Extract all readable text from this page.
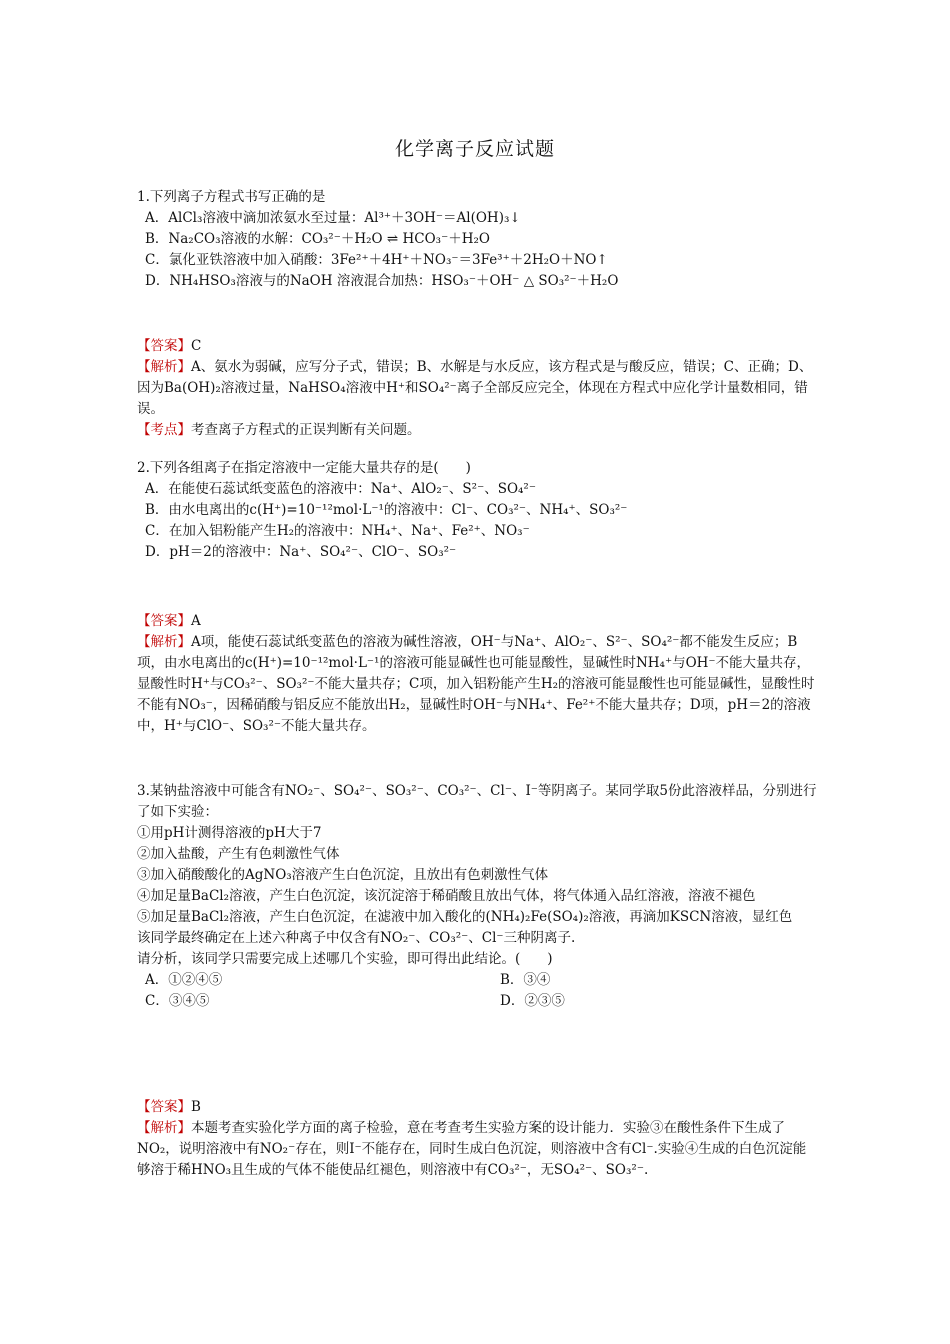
化学离子反应试题

1.下列离子方程式书写正确的是

A．AlCl₃溶液中滴加浓氨水至过量：Al³⁺＋3OH⁻＝Al(OH)₃↓

B．Na₂CO₃溶液的水解：CO₃²⁻＋H₂O ⇌ HCO₃⁻＋H₂O

C．氯化亚铁溶液中加入硝酸：3Fe²⁺＋4H⁺＋NO₃⁻＝3Fe³⁺＋2H₂O＋NO↑

D．NH₄HSO₃溶液与的NaOH 溶液混合加热：HSO₃⁻＋OH⁻ △ SO₃²⁻＋H₂O

【答案】C

【解析】A、氨水为弱碱，应写分子式，错误；B、水解是与水反应，该方程式是与酸反应，错误；C、正确；D、因为Ba(OH)₂溶液过量，NaHSO₄溶液中H⁺和SO₄²⁻离子全部反应完全，体现在方程式中应化学计量数相同，错误。

【考点】考查离子方程式的正误判断有关问题。

2.下列各组离子在指定溶液中一定能大量共存的是(　　)

A．在能使石蕊试纸变蓝色的溶液中：Na⁺、AlO₂⁻、S²⁻、SO₄²⁻

B．由水电离出的c(H⁺)=10⁻¹²mol·L⁻¹的溶液中：Cl⁻、CO₃²⁻、NH₄⁺、SO₃²⁻

C．在加入铝粉能产生H₂的溶液中：NH₄⁺、Na⁺、Fe²⁺、NO₃⁻

D．pH＝2的溶液中：Na⁺、SO₄²⁻、ClO⁻、SO₃²⁻

【答案】A

【解析】A项，能使石蕊试纸变蓝色的溶液为碱性溶液，OH⁻与Na⁺、AlO₂⁻、S²⁻、SO₄²⁻都不能发生反应；B项，由水电离出的c(H⁺)=10⁻¹²mol·L⁻¹的溶液可能显碱性也可能显酸性，显碱性时NH₄⁺与OH⁻不能大量共存，显酸性时H⁺与CO₃²⁻、SO₃²⁻不能大量共存；C项，加入铝粉能产生H₂的溶液可能显酸性也可能显碱性，显酸性时不能有NO₃⁻，因稀硝酸与铝反应不能放出H₂，显碱性时OH⁻与NH₄⁺、Fe²⁺不能大量共存；D项，pH＝2的溶液中，H⁺与ClO⁻、SO₃²⁻不能大量共存。

3.某钠盐溶液中可能含有NO₂⁻、SO₄²⁻、SO₃²⁻、CO₃²⁻、Cl⁻、I⁻等阴离子。某同学取5份此溶液样品，分别进行了如下实验：

①用pH计测得溶液的pH大于7

②加入盐酸，产生有色刺激性气体

③加入硝酸酸化的AgNO₃溶液产生白色沉淀，且放出有色刺激性气体

④加足量BaCl₂溶液，产生白色沉淀，该沉淀溶于稀硝酸且放出气体，将气体通入品红溶液，溶液不褪色

⑤加足量BaCl₂溶液，产生白色沉淀，在滤液中加入酸化的(NH₄)₂Fe(SO₄)₂溶液，再滴加KSCN溶液，显红色

该同学最终确定在上述六种离子中仅含有NO₂⁻、CO₃²⁻、Cl⁻三种阴离子.

请分析，该同学只需要完成上述哪几个实验，即可得出此结论。(　　)

A．①②④⑤	B．③④
C．③④⑤	D．②③⑤

【答案】B

【解析】本题考查实验化学方面的离子检验，意在考查考生实验方案的设计能力．实验③在酸性条件下生成了NO₂，说明溶液中有NO₂⁻存在，则I⁻不能存在，同时生成白色沉淀，则溶液中含有Cl⁻.实验④生成的白色沉淀能够溶于稀HNO₃且生成的气体不能使品红褪色，则溶液中有CO₃²⁻，无SO₄²⁻、SO₃²⁻.
